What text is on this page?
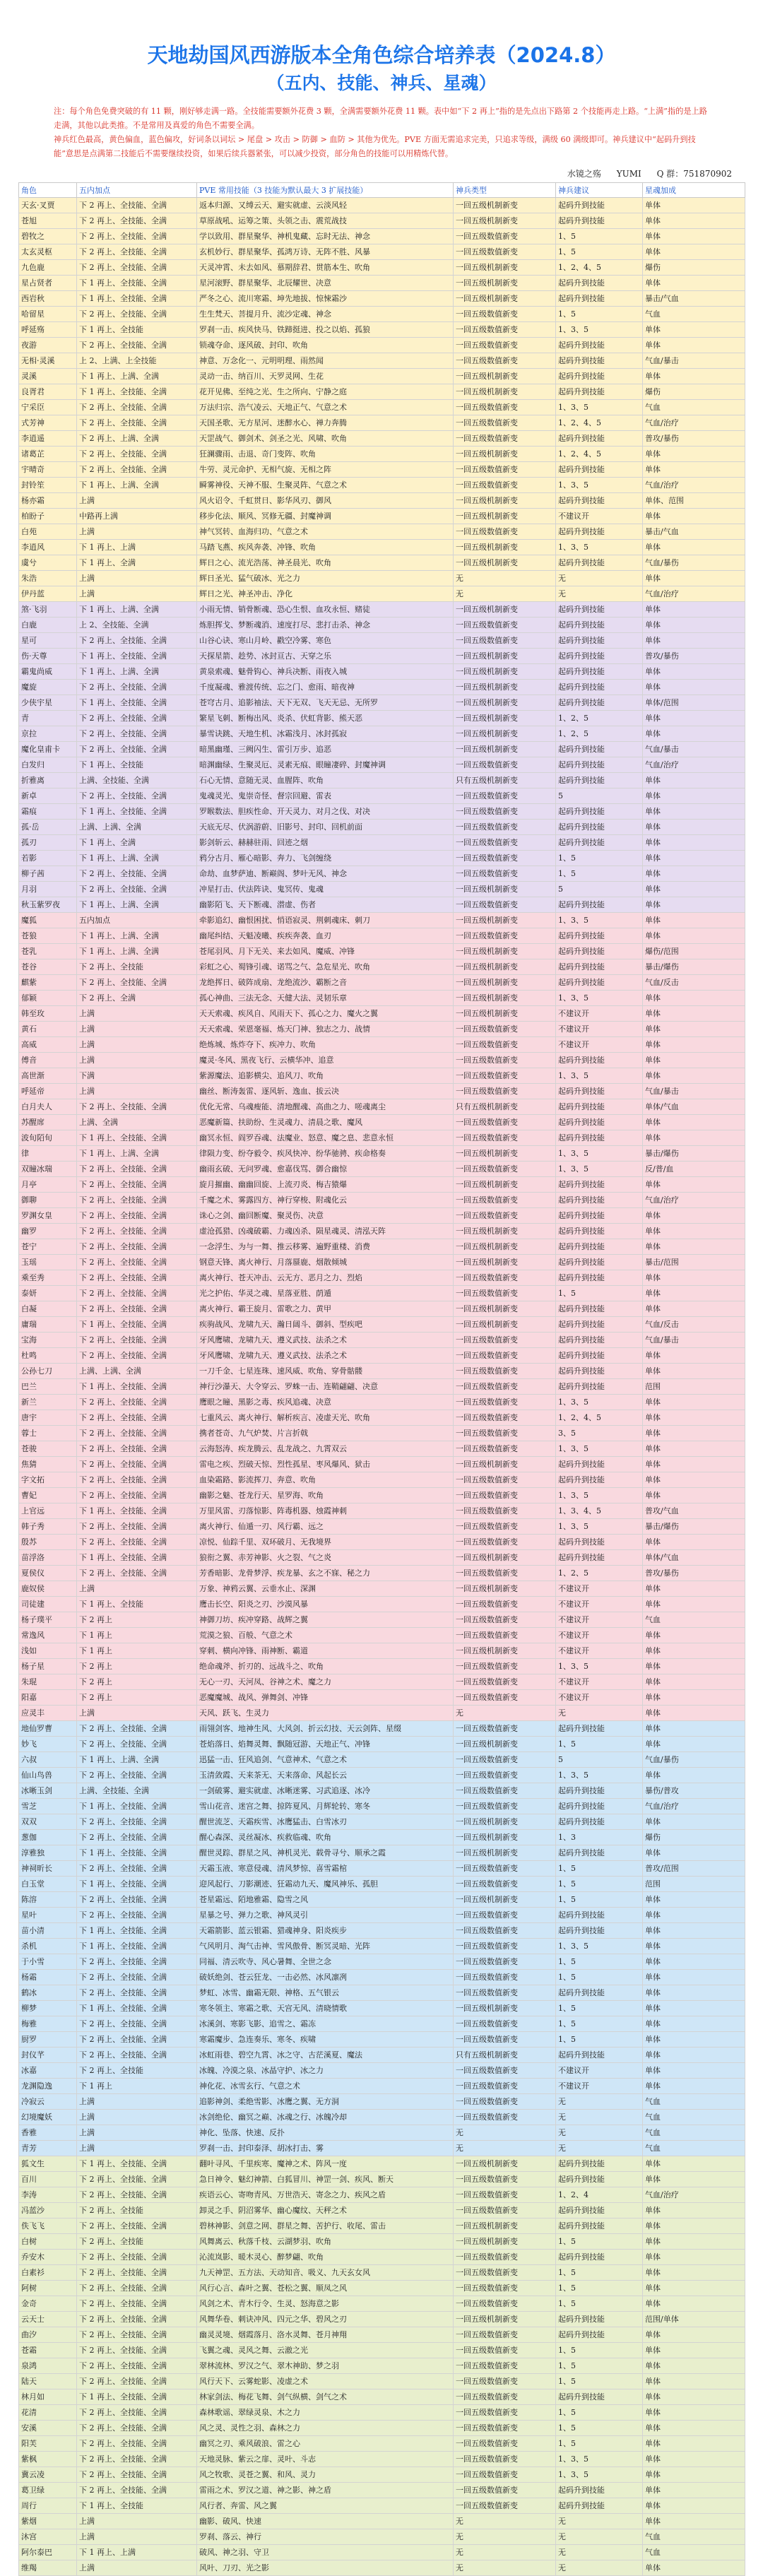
天地劫国风西游版本全角色综合培养表（2024.8）
（五内、技能、神兵、星魂）
注：每个角色免费突破的有 11 颗，刚好够走满一路。全技能需要额外花费 3 颗，全满需要额外花费 11 颗。表中如“下 2 再上”指的是先点出下路第 2 个技能再走上路。“上满”指的是上路走满，其他以此类推。不是常用及真爱的角色不需要全满。
神兵红色最高，黄色偏血，蓝色偏攻，好词条以词坛 > 尾盘 > 攻击 > 防御 > 血防 > 其他为优先。PVE 方面无需追求完美，只追求等级，满级 60 满级即可。神兵建议中“起码升到技能”意思是点满第二技能后不需要继续投资，如果后续兵器紧张，可以减少投资，部分角色的技能可以用精炼代替。
水镜之殇 YUMI Q 群：751870902
角色	五内加点	PVE 常用技能（3 技能为默认最大 3 扩展技能）	神兵类型	神兵建议	星魂加成
天玄·叉贾	下 2 再上、全技能、全满	返本归源、又缚云天、避实就虚、云淡风轻	一回五级机制新变	起码升到技能	单体
苍旭	下 2 再上、全技能、全满	草原战吼、运筹之策、头领之击、震荒战技	一回五级机制新变	起码升到技能	单体
碧牧之	下 2 再上、全技能、全满	学以致用、群星聚华、神机鬼藏、忘时无法、神念	一回五级数值新变	1、5	单体
太玄灵枢	下 2 再上、全技能、全满	玄机妙行、群星聚华、孤鸿万诗、无阵不胜、风暴	一回五级数值新变	1、5	单体
九色鹿	下 2 再上、全技能、全满	天灵冲霄、未去如风、慕期辞君、贯筋本生、吹角	一回五级机制新变	1、2、4、5	爆伤
星占贤者	下 1 再上、全技能、全满	星河滚野、群星聚华、北辰耀世、决意	一回五级机制新变	起码升到技能	单体
西岩秋	下 1 再上、全技能、全满	严冬之心、流川寒霜、坤先地拔、惊悚霜沙	一回五级机制新变	起码升到技能	暴击/气血
哈留星	下 2 再上、全技能、全满	生生梵天、菩提月升、流沙定魂、神念	一回五级数值新变	1、5	气血
呼延殇	下 1 再上、全技能	罗刹一击、疾风快马、铁蹄挺进、投之以焰、孤狼	一回五级数值新变	1、3、5	单体
夜游	下 2 再上、全技能、全满	锁魂夺命、逐风破、封印、吹角	一回五级数值新变	起码升到技能	单体
无相·灵溪	上 2、上满、上全技能	神意、万念化一、元明明理、雨然闻	一回五级数值新变	起码升到技能	气血/暴击
灵溪	下 1 再上、上满、全满	灵动一击、纳百川、天罗灵网、生花	一回五级机制新变	起码升到技能	单体
良胥君	下 1 再上、全技能、全满	花开见佛、至纯之光、生之所向、宁静之庭	一回五级机制新变	起码升到技能	爆伤
宁采臣	下 2 再上、全技能、全满	万法归宗、浩气凌云、天地正气、气意之术	一回五级数值新变	1、3、5	气血
式芳神	下 2 再上、全技能、全满	天国圣歌、无方星河、迷醉水心、禅力奔腾	一回五级数值新变	1、2、4、5	气血/治疗
李逍遥	下 2 再上、上满、全满	天罡战气、御剑术、剑圣之光、风啸、吹角	一回五级数值新变	起码升到技能	普攻/暴伤
诸葛芷	下 2 再上、全技能、全满	狂澜骤雨、击退、奇门变阵、吹角	一回五级机制新变	1、2、4、5	单体
宇晴奇	下 2 再上、全技能、全满	牛劳、灵元命护、无相气旋、无相之阵	一回五级数值新变	起码升到技能	单体
封铃笙	下 1 再上、上满、全满	瞬雾神役、天神不服、生聚灵阵、气意之术	一回五级数值新变	1、3、5	气血/治疗
杨亦霜	上满	风火诏令、千虹贯日、影华风刃、御风	一回五级机制新变	起码升到技能	单体、范围
柏盼子	中路再上满	移步化法、顺风、冥修无疆、封魔神调	一回五级机制新变	不建议开	单体
白苑	上满	神气冥转、血海归功、气意之术	一回五级数值新变	起码升到技能	暴击/气血
李逍风	下 1 再上、上满	马踏飞燕、疾风奔袭、冲锋、吹角	一回五级机制新变	1、3、5	单体
虞兮	下 1 再上、全满	辉日之心、流光浩荡、神圣晨光、吹角	一回五级机制新变	起码升到技能	气血/暴伤
朱浩	上满	辉日圣光、猛气破冰、光之力	无	无	单体
伊丹蓝	上满	辉日之光、神圣冲击、净化	无	无	气血/治疗
煞·飞羽	下 1 再上、上满、全满	小雨无情、销骨断魂、恐心生恨、血攻永恒、赌徒	一回五级机制新变	起码升到技能	单体
白鹿	上 2、全技能、全满	炼胆挥戈、梦断魂消、速度打尽、悲打击杀、神念	一回五级数值新变	起码升到技能	单体
星可	下 2 再上、全技能、全满	山谷心诀、寒山月岭、戳空冷雾、寒色	一回五级数值新变	起码升到技能	单体
伤·天尊	下 1 再上、全技能、全满	天探星箭、趁势、冰封亘古、天穿之乐	一回五级机制新变	起码升到技能	普攻/暴伤
霸鬼尚威	下 1 再上、上满、全满	黄泉索魂、魅骨钩心、神兵决断、雨夜入城	一回五级机制新变	起码升到技能	单体
魔旋	下 2 再上、全技能、全满	千度凝魂、雅渡传统、忘之门、愈雨、暗夜神	一回五级机制新变	起码升到技能	单体
少侠宇星	下 1 再上、全技能、全满	苍穹古月、追影袖法、天下无双、飞天无忌、无所罗	一回五级机制新变	起码升到技能	单体/范围
青	下 2 再上、全技能、全满	繁星飞刺、断梅出风、炎杀、伏虹背影、熊天恶	一回五级机制新变	1、2、5	单体
京拉	下 2 再上、全技能、全满	暴雪诀跳、天地生机、冰霜浅月、冰封孤寂	一回五级机制新变	1、2、5	单体
魔化皇甫卡	下 2 再上、全技能、全满	暗黑幽瑾、三阙闪生、雷引万步、追恶	一回五级机制新变	起码升到技能	气血/暴击
白发归	下 1 再上、全技能	暗渊幽绿、生聚灵厄、灵素无痕、眼瞳凄碎、封魔神调	一回五级数值新变	起码升到技能	气血/治疗
折雅离	上满、全技能、全满	石心无情、意随无灵、血腥阵、吹角	只有五级机制新变	起码升到技能	单体
新卓	下 2 再上、全技能、全满	鬼魂灵光、鬼崇奇怪、督宗回避、雷表	一回五级数值新变	5	单体
霜痕	下 1 再上、全技能、全满	罗睺数法、胆疾性命、开天灵力、对月之伐、对决	一回五级数值新变	起码升到技能	单体
孤·岳	上满、上满、全满	天底无尽、伏涡游蔚、旧影号、封印、回机前面	一回五级数值新变	起码升到技能	单体
孤刃	下 1 再上、全满	影剑斩云、赫赫驻雨、回迹之烟	一回五级数值新变	起码升到技能	单体
若影	下 1 再上、上满、全满	鸦分古月、雁心暗影、奔力、飞剑缠绕	一回五级数值新变	1、5	单体
柳子茜	下 2 再上、全技能、全满	命劫、血梦萨迪、断巅阁、梦叶无风、神念	一回五级数值新变	1、5	单体
月羽	下 2 再上、全技能、全满	冲星打击、伏法阵诀、鬼冥传、鬼魂	一回五级机制新变	5	单体
秋玉紫罗夜	下 1 再上、上满、全满	幽影陌飞、天下断魂、潜虚、伤者	一回五级数值新变	起码升到技能	单体
魔狐	五内加点	牵影追幻、幽恨困扰、悄语寂灵、荆刺魂床、刺刀	一回五级机制新变	1、3、5	单体
苍狼	下 1 再上、上满、全满	幽尾纠结、天魁凌曦、疾疾奔袭、血刃	一回五级数值新变	起码升到技能	单体
苍乳	下 1 再上、上满、全满	苍尾羽风、月下无关、来去如风、魔威、冲锋	一回五级机制新变	起码升到技能	爆伤/范围
苍谷	下 2 再上、全技能	彩虹之心、蜀锋引魂、诺骂之气、急危星光、吹角	一回五级机制新变	起码升到技能	暴击/爆伤
麒紫	下 2 再上、全技能、全满	龙绝挥日、破阵成扇、龙绝流沙、霸断之音	一回五级机制新变	起码升到技能	气血/反击
郁颖	下 2 再上、全满	孤心神曲、三法无念、天健大法、灵韧乐章	一回五级机制新变	1、3、5	单体
韩至玫	上满	天天索魂、疾风自、风雨天下、孤心之力、魔火之翼	一回五级机制新变	不建议开	单体
黄石	上满	天天索魂、荣恩毫福、炼天门神、独志之力、战情	一回五级数值新变	不建议开	单体
高威	上满	绝炼城、炼炸夺下、疾冲力、吹角	一回五级数值新变	不建议开	单体
傅音	上满	魔灵·冬风、黑夜飞行、云横华冲、追意	一回五级数值新变	起码升到技能	单体
高世渐	下满	紫源魔法、追影横尖、追风刀、吹角	一回五级数值新变	1、3、5	单体
呼延帝	上满	幽丝、断涛轰雷、逐风斩、逸血、拔云决	一回五级数值新变	起码升到技能	气血/暴击
白月夫人	下 2 再上、全技能、全满	优化无常、乌魂瘦能、清地醒魂、高曲之力、嗟魂离尘	只有五级机制新变	起码升到技能	单体/气血
苏醒席	上满、全满	恶魔新篇、扶助纷、生灵魂力、清晨之歌、魔风	一回五级数值新变	起码升到技能	单体
波旬陌旬	下 1 再上、全技能、全满	幽冥永恒、阎罗吞魂、法魔业、怒意、魔之息、悲意永恒	一回五级数值新变	起码升到技能	单体
律	下 1 再上、上满、全满	律陨力变、纷夺毅令、疾风快冲、纷华驰骋、疾命格奏	一回五级机制新变	1、3、5	暴击/爆伤
双瞳冰瑞	下 2 再上、全技能、全满	幽雨玄破、无问罗魂、愈嘉伐骂、御合幽惊	一回五级数值新变	1、3、5	反/普/血
月亭	下 2 再上、全技能、全满	旋月摧幽、幽幽回旋、上流刃炎、梅吉猿爆	一回五级机制新变	起码升到技能	单体
御聊	下 2 再上、全技能、全满	千魔之术、雾露四方、神行穿梭、附魂化云	一回五级数值新变	起码升到技能	气血/治疗
罗渊女皇	下 2 再上、全技能、全满	诛心之剑、幽回断魔、聚灵伤、决意	一回五级数值新变	起码升到技能	单体
幽罗	下 2 再上、全技能、全满	虚沧孤猎、凶魂破霸、力魂凶杀、陨星魂灵、清泓天阵	一回五级机制新变	起码升到技能	单体
苍宁	下 2 再上、全技能、全满	一念浮生、为与一舞、推云移雾、遍野重楼、消费	一回五级机制新变	起码升到技能	单体
玉瑶	下 2 再上、全技能、全满	钢意天锋、离火神行、月落蜃鹿、烟散倾城	一回五级机制新变	起码升到技能	暴击/范围
乘至秀	下 2 再上、全技能、全满	离火神行、苍天冲击、云无方、恶月之力、烈焰	一回五级数值新变	起码升到技能	单体
泰妍	下 2 再上、全技能、全满	光之护佑、华灵之魂、星落亚胜、荫遁	一回五级数值新变	1、5	单体
白凝	下 2 再上、全技能、全满	离火神行、霸王旋月、雷歌之力、黄甲	一回五级机制新变	起码升到技能	单体
庸瑞	下 1 再上、全技能、全满	疾驹战风、龙啸九天、瀚日阔斗、御斜、型疾吧	一回五级机制新变	起码升到技能	气血/反击
宝海	下 2 再上、全技能、全满	牙风鹰啸、龙啸九天、遵义武技、法杀之术	一回五级数值新变	起码升到技能	气血/暴击
杜鸣	下 2 再上、全技能、全满	牙风鹰啸、龙啸九天、遵义武技、法杀之术	一回五级数值新变	起码升到技能	单体
公孙七刀	上满、上满、全满	一刀千金、七星连珠、速风威、吹角、穿骨骷髅	一回五级数值新变	起码升到技能	单体
巴兰	下 1 再上、全技能、全满	神行沙瀑天、大令穿云、罗蛛一击、连鞘翩翩、决意	一回五级数值新变	起码升到技能	范围
新兰	下 2 再上、全技能、全满	鹰眼之瞳、黑影之毒、疾风追魂、决意	一回五级数值新变	1、3、5	单体
唐宇	下 2 再上、全技能、全满	七重风云、离火神行、解析疾言、凌虚天光、吹角	一回五级数值新变	1、2、4、5	单体
蓉士	下 2 再上、全技能、全满	携者苍奇、九气炉焚、片言折戟	一回五级数值新变	3、5	单体
苍骏	下 2 再上、全技能、全满	云海怒涛、疾龙腾云、乱龙战之、九霄双云	一回五级数值新变	1、3、5	单体
焦猜	下 2 再上、全技能、全满	雷电之疾、烈破天惊、烈性孤星、枣风爆风、狱击	一回五级机制新变	起码升到技能	单体
字文拓	下 2 再上、全技能、全满	血染霜路、影流挥刀、奔意、吹角	一回五级数值新变	起码升到技能	单体
曹妃	下 2 再上、全技能、全满	幽影之魅、苍龙行天、星罗海、吹角	一回五级数值新变	1、3、5	单体
上官远	下 1 再上、全技能、全满	万里风雷、刃落惊影、阵毒机器、烛霞神刺	一回五级数值新变	1、3、4、5	普攻/气血
韩子秀	下 2 再上、全技能、全满	离火神行、仙遁一刃、风行霸、远之	一回五级数值新变	1、3、5	暴击/爆伤
殷苏	下 2 再上、全技能、全满	凉悦、仙踪千里、双环破月、无我境界	一回五级数值新变	起码升到技能	单体
苗浮洛	下 1 再上、全技能、全满	狼衔之翼、赤芳神影、火之裂、气之炎	一回五级机制新变	起码升到技能	单体/气血
夏侯仪	下 2 再上、全技能、全满	芳香暗影、龙骨梦浮、疾龙暴、玄之不寐、秘之力	一回五级数值新变	1、2、5	普攻/暴伤
鹿奴侯	上满	万象、神鸦云翼、云垂水止、深渊	一回五级机制新变	不建议开	单体
司徒建	下 1 再上、全技能	鹰击长空、阳炎之刃、沙漠风暴	一回五级数值新变	不建议开	单体
杨子璞平	下 2 再上	神御刀坊、疾冲穿路、战辉之翼	一回五级数值新变	不建议开	气血
常逸风	下 1 再上	荒漠之狼、百般、气意之术	一回五级数值新变	不建议开	单体
浅如	下 1 再上	穿刺、横向冲锋、雨神断、霸道	一回五级机制新变	不建议开	单体
杨子星	下 2 再上	绝命魂斧、折刃的、远战斗之、吹角	一回五级数值新变	1、3、5	单体
朱琨	下 2 再上	无心一刃、天河凤、谷神之术、魔之力	一回五级数值新变	不建议开	单体
阳嘉	下 2 再上	恶魔魔城、战风、弹舞剑、冲锋	一回五级数值新变	不建议开	单体
应灵丰	上满	天风、跃飞、生灵力	无	无	单体
地仙罗曹	下 2 再上、全技能、全满	雨翎剑客、地神生风、大风剑、折云幻技、天云剑阵、星缀	一回五级数值新变	起码升到技能	单体
妙飞	下 2 再上、全技能、全满	苍焰落日、焰舞灵舞、飘随冠游、天地正气、冲锋	一回五级机制新变	1、5	单体
六叔	下 1 再上、上满、全满	迅猛一击、狂风追剑、气意神术、气意之术	一回五级数值新变	5	气血/暴伤
仙山鸟兽	下 2 再上、全技能、全满	玉清敛霞、天来茶无、天来落命、风起长云	一回五级数值新变	1、3、5	单体
冰晰玉剑	上满、全技能、全满	一剑破雾、避实就虚、冰晰迷雾、习武追逐、冰冷	一回五级数值新变	起码升到技能	暴伤/普攻
雪芝	下 1 再上、全技能、全满	雪山花音、迷宫之舞、掠阵夏风、月辉轮转、寒冬	一回五级数值新变	起码升到技能	气血/治疗
双双	下 2 再上、全技能、全满	醒世流芝、天霜疾雪、冰鹰猛击、白雪冰刃	一回五级机制新变	起码升到技能	单体
葱伽	下 2 再上、全技能、全满	醒心森深、灵丝凝冰、疾救临魂、吹角	一回五级机制新变	1、3	爆伤
淳雅独	下 1 再上、全技能、全满	醒世灵踪、群星之风、神机灵光、载骨寻兮、顺承之霞	一回五级机制新变	起码升到技能	单体
神祠昕长	下 2 再上、全技能、全满	天霜玉液、寒意侵魂、清风梦惊、喜雪霜棺	一回五级数值新变	1、5	普攻/范围
白玉堂	下 1 再上、全技能、全满	迎风起行、刀影潮迹、狂霜动九天、魔风神乐、孤胆	一回五级数值新变	1、5	范围
陈溶	下 2 再上、全技能、全满	苍星霜远、陌地雅霜、隐雪之风	一回五级机制新变	1、5	单体
星叶	下 2 再上、全技能、全满	星暴之号、弹力之歌、神风灵引	一回五级数值新变	起码升到技能	单体
苗小清	下 1 再上、全技能、全满	天霜箭影、蓝云银霜、猎魂神身、阳炎疾步	一回五级数值新变	起码升到技能	单体
杀机	下 1 再上、全技能、全满	气风明月、淘气击神、雪风傲骨、断冥灵暗、光阵	一回五级数值新变	1、3、5	单体
于小雪	下 2 再上、全技能、全满	同福、清云吹寺、风心暑舞、全世之念	一回五级数值新变	1、5	单体
杨霜	下 2 再上、全技能、全满	破妖绝剑、苍云狂龙、一击必然、冰风凛冽	一回五级数值新变	1、5	单体
鹤冰	下 2 再上、全技能、全满	梦虹、冰雪、幽霜无限、神格、五气银云	一回五级数值新变	起码升到技能	单体
柳梦	下 1 再上、全技能、全满	寒冬领主、寒霜之歌、天宫无风、清晓情歌	一回五级机制新变	1、5	单体
梅雅	下 2 再上、全技能、全满	冰溪剑、寒影飞影、追雪之、霜冻	一回五级数值新变	1、5	单体
厨罗	下 2 再上、全技能、全满	寒霜魔步、急连奏乐、寒冬、疾啸	一回五级数值新变	1、5	单体
封仪芊	下 2 再上、全技能、全满	冰虹雨巷、碧空九霄、冰之守、古茫溪夏、魔法	只有五级机制新变	起码升到技能	单体
冰嘉	下 2 再上、全技能	冰魄、冷漠之泉、冰晶守护、冰之力	一回五级数值新变	不建议开	单体
龙渊隐逸	下 1 再上	神化花、冰雪玄行、气意之术	一回五级数值新变	不建议开	单体
冷寂云	上满	追影神剑、柔绝雪影、冰鹰之翼、无方洞	一回五级数值新变	无	气血
幻境魔妖	上满	冰剑绝伦、幽冥之巅、冰魂之行、冰魄冷却	一回五级数值新变	无	气血
香雅	上满	神化、坠落、快速、反扑	无	无	气血
青芳	上满	罗刹一击、封印泰泽、胡冰打击、雾	无	无	气血
狐文生	下 1 再上、全技能、全满	翻叶寻风、千里疾寒、魔神之术、阵风一度	一回五级机制新变	起码升到技能	单体
百川	下 2 再上、全技能、全满	急日神令、魅幻神箭、白狐冒川、神罡一剑、疾风、断天	一回五级数值新变	起码升到技能	单体
李涛	下 2 再上、全技能、全满	疾语云心、寄吻青风、万世浩天、寄念之力、疾风之盾	一回五级数值新变	1、2、4	气血/治疗
冯蓝沙	下 2 再上、全技能	卸灵之手、阴沼雾华、幽心魔纹、天秤之术	一回五级数值新变	起码升到技能	单体
佚飞飞	下 2 再上、全技能、全满	碧林神影、剑意之网、群星之舞、苦护行、收尾、雷击	一回五级机制新变	起码升到技能	单体
白树	下 2 再上、全技能	风舞离云、秋落千枝、云湖梦羽、吹角	一回五级机制新变	1、5	单体
乔安木	下 2 再上、全技能、全满	沁流岚影、暖木灵心、醉梦翩、吹角	一回五级数值新变	起码升到技能	单体
白素衫	下 2 再上、全技能、全满	九天神罡、五方法、天动知音、吸义、九天玄女风	一回五级数值新变	1、5	单体
阿树	下 2 再上、全技能、全满	风行心言、森叶之翼、苍松之翼、顺凤之风	一回五级数值新变	1、5	单体
金奇	下 2 再上、全技能、全满	风剑之术、青木行令、生灵、怒海意之影	一回五级数值新变	1、5	单体
云天士	下 2 再上、全技能、全满	风舞华卷、刺诀冲风、四元之华、碧风之刃	一回五级机制新变	起码升到技能	范围/单体
曲汐	下 2 再上、全技能、全满	幽灵灵境、烟霞落月、洛水灵舞、苍月神翔	一回五级数值新变	起码升到技能	单体
苍霜	下 2 再上、全技能、全满	飞翼之魂、灵风之舞、云澈之光	一回五级数值新变	1、5	单体
泉鸿	下 2 再上、全技能、全满	翠林流林、罗汉之气、翠木神助、梦之羽	一回五级数值新变	1、5	单体
陆天	下 2 再上、全技能、全满	风行天下、云雾蛇影、凌虚之术	一回五级数值新变	1、5	单体
林月如	下 1 再上、全技能、全满	林家剑法、梅花飞舞、剑气纵横、剑气之术	一回五级数值新变	起码升到技能	单体
花清	下 2 再上、全技能、全满	森林歌谣、翠绿灵泉、木之力	一回五级数值新变	1、5	单体
安溪	下 2 再上、全技能、全满	风之灵、灵性之羽、森林之力	一回五级数值新变	1、5	单体
阳芙	下 2 再上、全技能、全满	幽冥之刃、乘风破浪、雷之心	一回五级数值新变	1、5	单体
紫枫	下 2 再上、全技能、全满	天地灵脉、紫云之扉、灵叶、斗志	一回五级数值新变	1、3、5	单体
冀云凌	下 2 再上、全技能、全满	风之牧歌、灵苍之翼、和风、灵力	一回五级数值新变	1、3、5	单体
葛卫绿	下 2 再上、全技能、全满	雷雨之术、罗汉之道、神之影、神之盾	一回五级数值新变	起码升到技能	单体
周行	下 1 再上、全技能	风行者、奔雷、风之翼	一回五级数值新变	起码升到技能	单体
紫烟	上满	幽影、破风、快速	无	无	单体
沐宫	上满	罗刹、落云、神行	无	无	气血
阿尔泰巴	下 1 再上、上满	破风、神之羽、守卫	无	无	气血
维羯	上满	风叶、刀刃、光之影	无	无	单体
